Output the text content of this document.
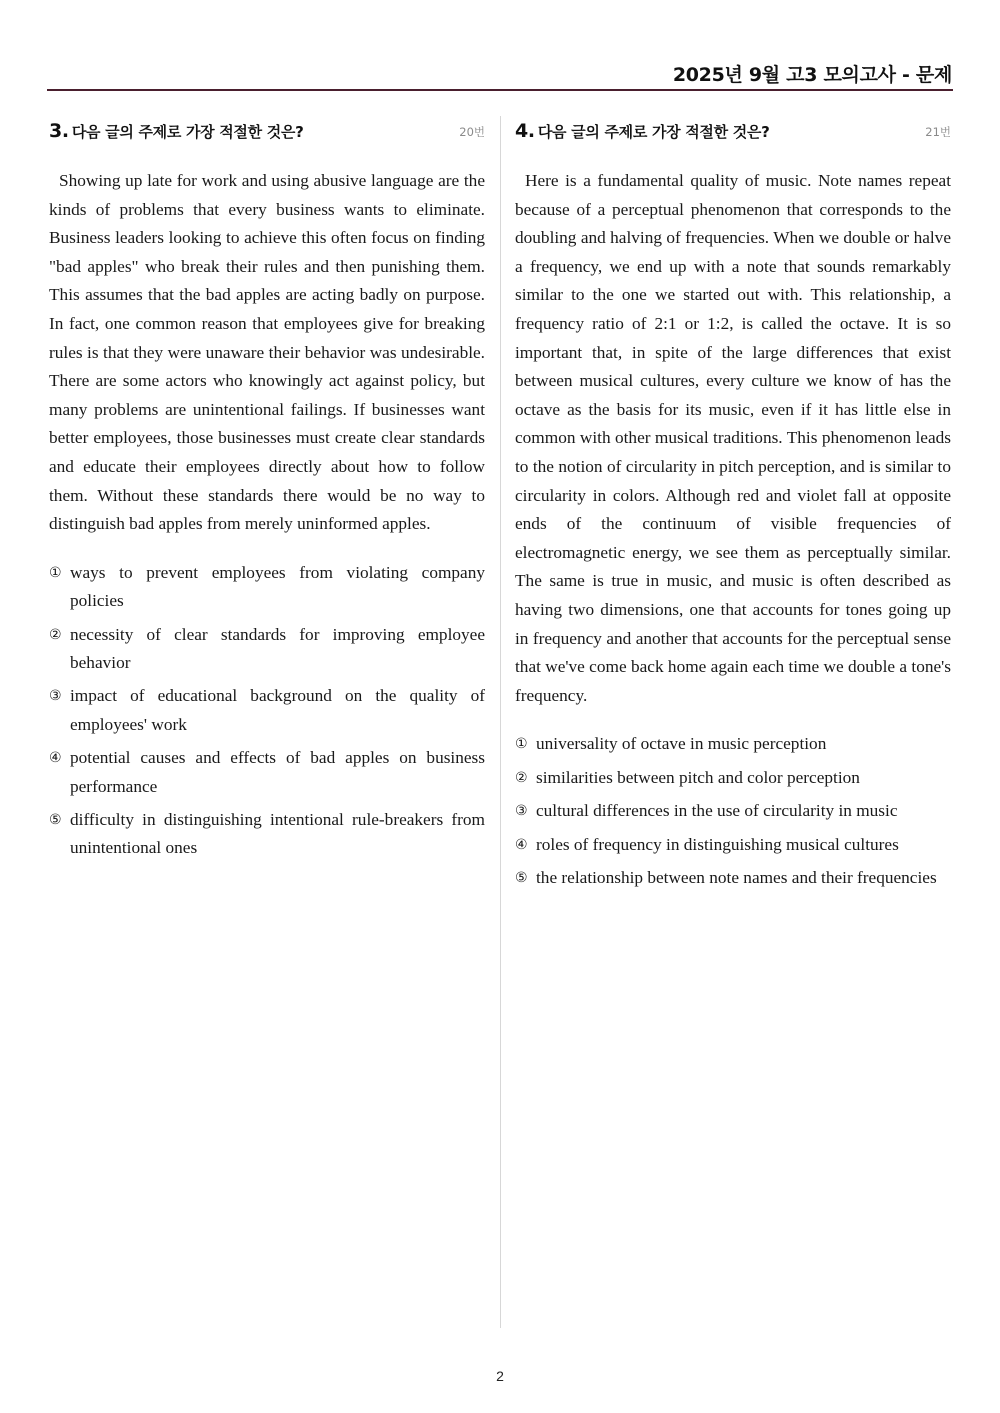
2025년 9월 고3 모의고사 - 문제
3. 다음 글의 주제로 가장 적절한 것은?	20번

Showing up late for work and using abusive language are the kinds of problems that every business wants to eliminate. Business leaders looking to achieve this often focus on finding "bad apples" who break their rules and then punishing them. This assumes that the bad apples are acting badly on purpose. In fact, one common reason that employees give for breaking rules is that they were unaware their behavior was undesirable. There are some actors who knowingly act against policy, but many problems are unintentional failings. If businesses want better employees, those businesses must create clear standards and educate their employees directly about how to follow them. Without these standards there would be no way to distinguish bad apples from merely uninformed apples.

① ways to prevent employees from violating company policies
② necessity of clear standards for improving employee behavior
③ impact of educational background on the quality of employees' work
④ potential causes and effects of bad apples on business performance
⑤ difficulty in distinguishing intentional rule-breakers from unintentional ones
4. 다음 글의 주제로 가장 적절한 것은?	21번

Here is a fundamental quality of music. Note names repeat because of a perceptual phenomenon that corresponds to the doubling and halving of frequencies. When we double or halve a frequency, we end up with a note that sounds remarkably similar to the one we started out with. This relationship, a frequency ratio of 2:1 or 1:2, is called the octave. It is so important that, in spite of the large differences that exist between musical cultures, every culture we know of has the octave as the basis for its music, even if it has little else in common with other musical traditions. This phenomenon leads to the notion of circularity in pitch perception, and is similar to circularity in colors. Although red and violet fall at opposite ends of the continuum of visible frequencies of electromagnetic energy, we see them as perceptually similar. The same is true in music, and music is often described as having two dimensions, one that accounts for tones going up in frequency and another that accounts for the perceptual sense that we've come back home again each time we double a tone's frequency.

① universality of octave in music perception
② similarities between pitch and color perception
③ cultural differences in the use of circularity in music
④ roles of frequency in distinguishing musical cultures
⑤ the relationship between note names and their frequencies
2
